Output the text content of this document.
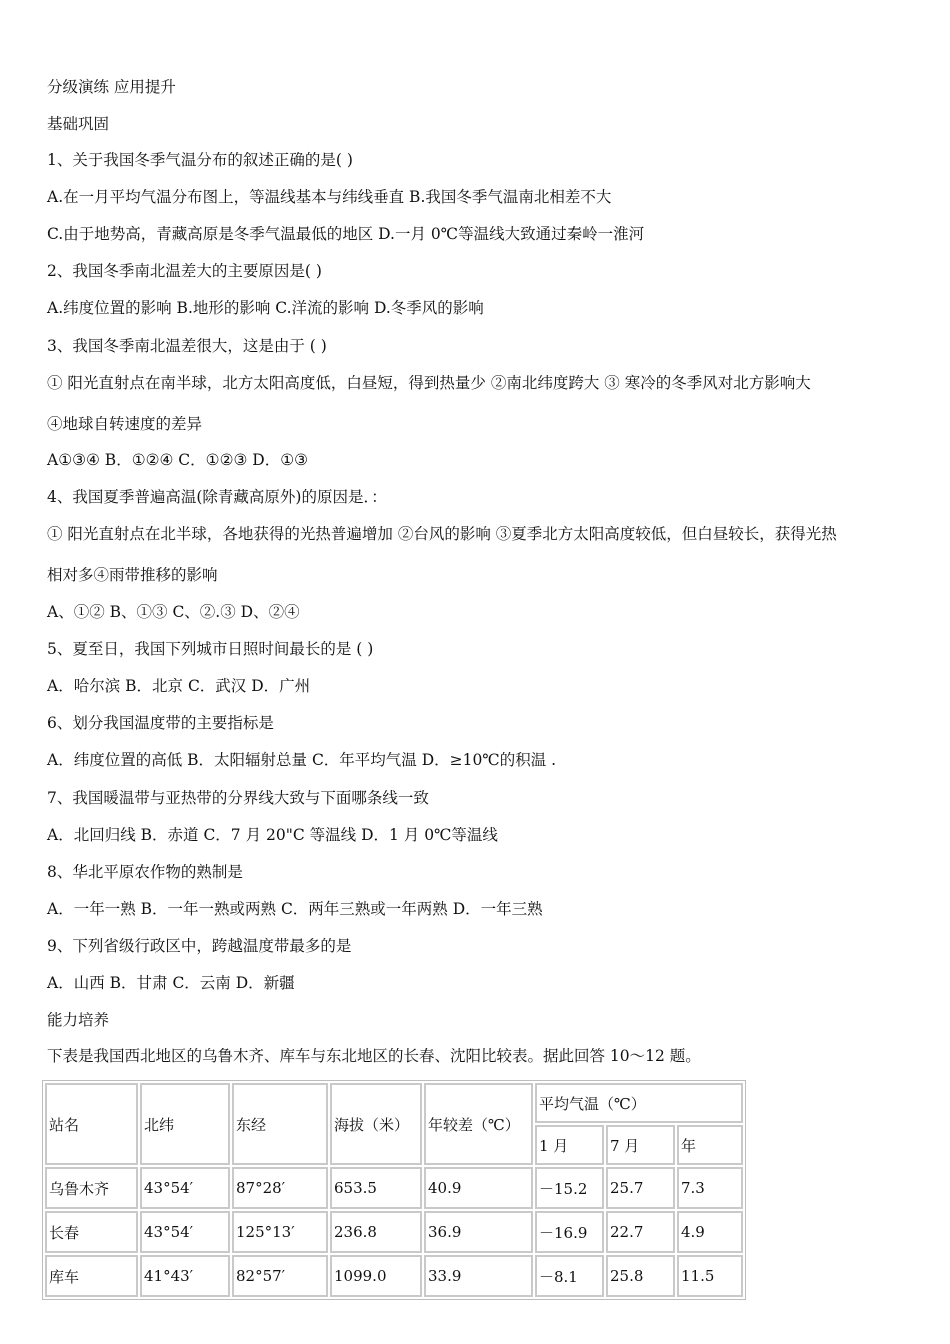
分级演练 应用提升
基础巩固
1、关于我国冬季气温分布的叙述正确的是( )
A.在一月平均气温分布图上，等温线基本与纬线垂直 B.我国冬季气温南北相差不大
C.由于地势高，青藏高原是冬季气温最低的地区 D.一月 0℃等温线大致通过秦岭一淮河
2、我国冬季南北温差大的主要原因是( )
A.纬度位置的影响 B.地形的影响 C.洋流的影响 D.冬季风的影响
3、我国冬季南北温差很大，这是由于 ( )
① 阳光直射点在南半球，北方太阳高度低，白昼短，得到热量少 ②南北纬度跨大 ③ 寒冷的冬季风对北方影响大
④地球自转速度的差异
A①③④ B．①②④ C．①②③ D．①③
4、我国夏季普遍高温(除青藏高原外)的原因是．：
① 阳光直射点在北半球，各地获得的光热普遍增加 ②台风的影响 ③夏季北方太阳高度较低，但白昼较长，获得光热
相对多④雨带推移的影响
A、①② B、①③ C、②.③ D、②④
5、夏至日，我国下列城市日照时间最长的是 ( )
A．哈尔滨 B．北京 C．武汉 D．广州
6、划分我国温度带的主要指标是
A．纬度位置的高低 B．太阳辐射总量 C．年平均气温 D．≥10℃的积温 .
7、我国暖温带与亚热带的分界线大致与下面哪条线一致
A．北回归线 B．赤道 C．7 月 20"C 等温线 D．1 月 0℃等温线
8、华北平原农作物的熟制是
A．一年一熟 B．一年一熟或两熟 C．两年三熟或一年两熟 D．一年三熟
9、下列省级行政区中，跨越温度带最多的是
A．山西 B．甘肃 C．云南 D．新疆
能力培养
下表是我国西北地区的乌鲁木齐、库车与东北地区的长春、沈阳比较表。据此回答 10～12 题。
站名	北纬	东经	海拔（米）	年较差（℃）	平均气温（℃）		
					1 月	7 月	年
乌鲁木齐	43°54′	87°28′	653.5	40.9	－15.2	25.7	7.3
长春	43°54′	125°13′	236.8	36.9	－16.9	22.7	4.9
库车	41°43′	82°57′	1099.0	33.9	－8.1	25.8	11.5
